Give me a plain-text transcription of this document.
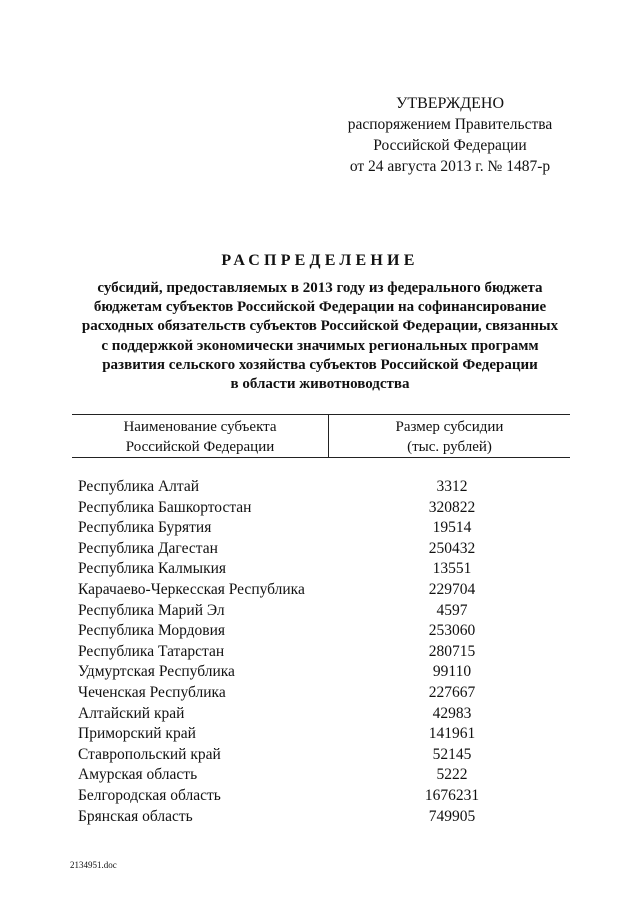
УТВЕРЖДЕНО
распоряжением Правительства
Российской Федерации
от 24 августа 2013 г. № 1487-р
РАСПРЕДЕЛЕНИЕ
субсидий, предоставляемых в 2013 году из федерального бюджета
бюджетам субъектов Российской Федерации на софинансирование
расходных обязательств субъектов Российской Федерации, связанных
с поддержкой экономически значимых региональных программ
развития сельского хозяйства субъектов Российской Федерации
в области животноводства
Наименование субъекта
Российской Федерации
Размер субсидии
(тыс. рублей)
Республика Алтай	3312
Республика Башкортостан	320822
Республика Бурятия	19514
Республика Дагестан	250432
Республика Калмыкия	13551
Карачаево-Черкесская Республика	229704
Республика Марий Эл	4597
Республика Мордовия	253060
Республика Татарстан	280715
Удмуртская Республика	99110
Чеченская Республика	227667
Алтайский край	42983
Приморский край	141961
Ставропольский край	52145
Амурская область	5222
Белгородская область	1676231
Брянская область	749905
2134951.doc
